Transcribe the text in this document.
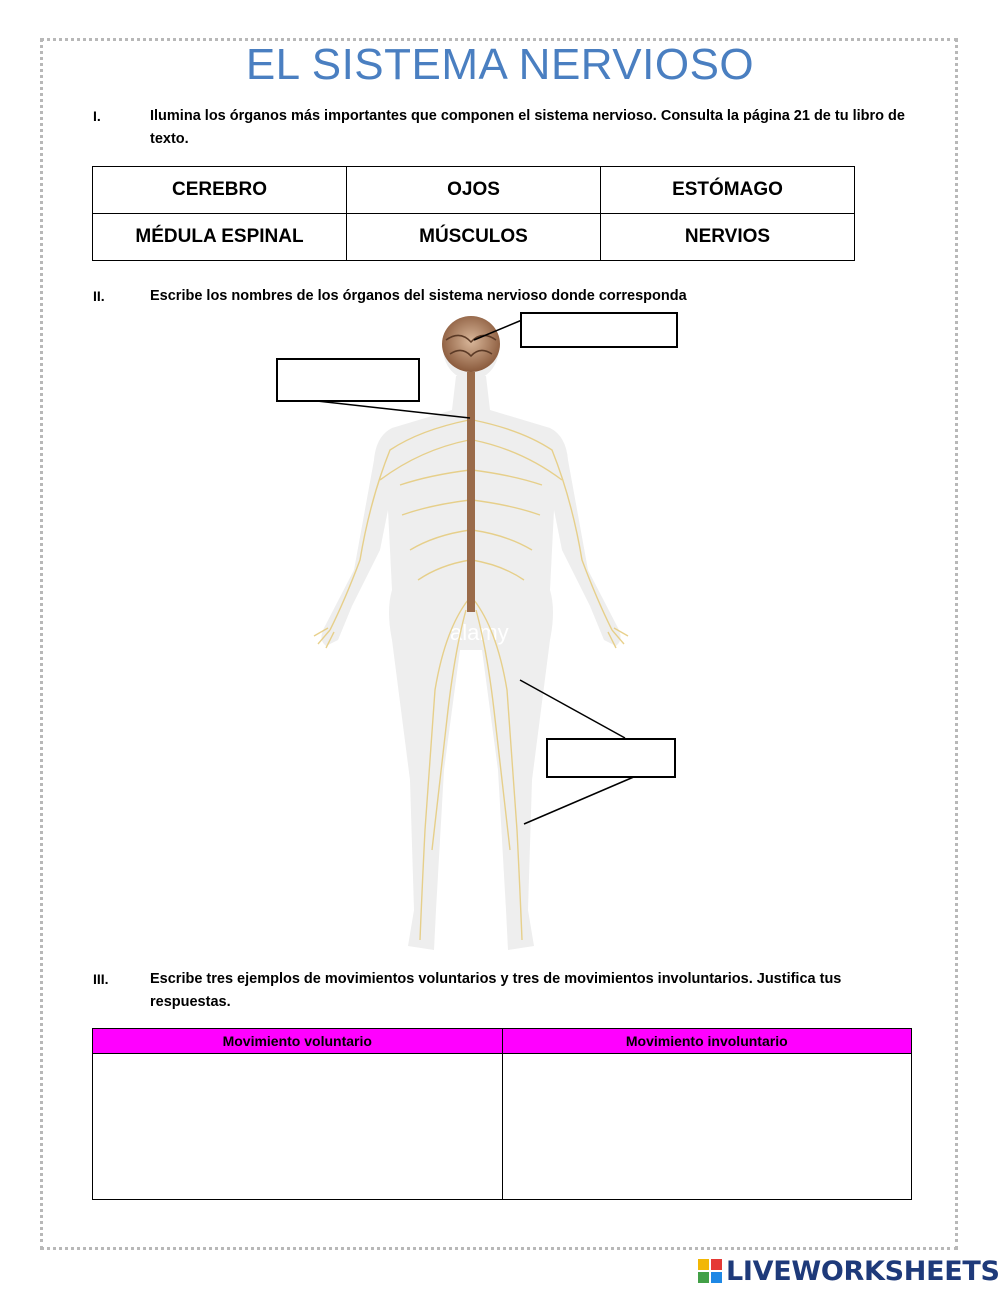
EL SISTEMA NERVIOSO
I.	Ilumina los órganos más importantes que componen el sistema nervioso. Consulta la página 21 de tu libro de texto.
CEREBRO	OJOS	ESTÓMAGO
MÉDULA ESPINAL	MÚSCULOS	NERVIOS
II.	Escribe los nombres de los órganos del sistema nervioso donde corresponda
alamy
III.	Escribe tres ejemplos de movimientos voluntarios y tres de movimientos involuntarios. Justifica tus respuestas.
Movimiento voluntario	Movimiento involuntario

LIVEWORKSHEETS
